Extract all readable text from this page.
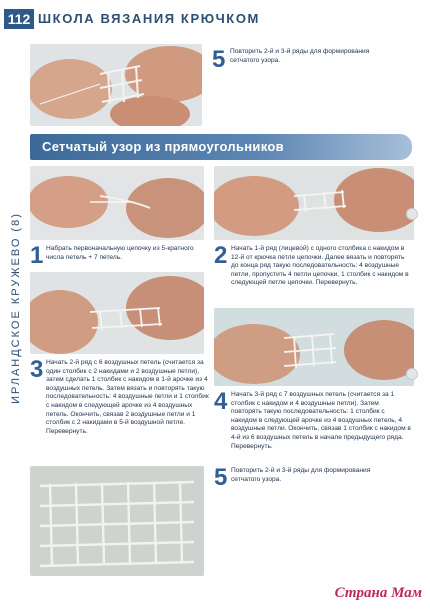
112 ШКОЛА ВЯЗАНИЯ КРЮЧКОМ
ИРЛАНДСКОЕ КРУЖЕВО (8)
5 Повторить 2-й и 3-й ряды для формирования сетчатого узора.
Сетчатый узор из прямоугольников
1 Набрать первоначальную цепочку из 5-кратного числа петель + 7 петель.	2 Начать 1-й ряд (лицевой) с одного столбика с накидом в 12-й от крючка петле цепочки. Далее вязать и повторять до конца ряд такую последовательность: 4 воздушные петли, пропустить 4 петли цепочки, 1 столбик с накидом в следующей петле цепочки. Перевернуть.
3 Начать 2-й ряд с 6 воздушных петель (считается за один столбик с 2 накидами и 2 воздушные петли), затем сделать 1 столбик с накидом в 1-й арочке из 4 воздушных петель. Затем вязать и повторять такую последовательность: 4 воздушные петли и 1 столбик с накидом в следующей арочке из 4 воздушных петель. Окончить, связав 2 воздушные петли и 1 столбик с 2 накидами в 5-й воздушной петле. Перевернуть.
4 Начать 3-й ряд с 7 воздушных петель (считается за 1 столбик с накидом и 4 воздушные петли). Затем повторять такую последовательность: 1 столбик с накидом в следующей арочке из 4 воздушных петель, 4 воздушные петли. Окончить, связав 1 столбик с накидом в 4-й из 6 воздушных петель в начале предыдущего ряда. Перевернуть.
5 Повторить 2-й и 3-й ряды для формирования сетчатого узора.
Страна Мам
